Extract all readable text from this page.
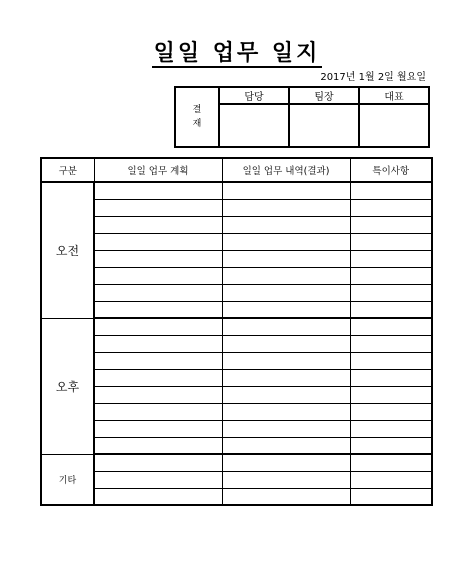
일일 업무 일지
2017년 1월 2일 월요일
결
재	담당	팀장	대표

구분	일일 업무 계획	일일 업무 내역(결과)	특이사항
오전			

오후			

기타			
